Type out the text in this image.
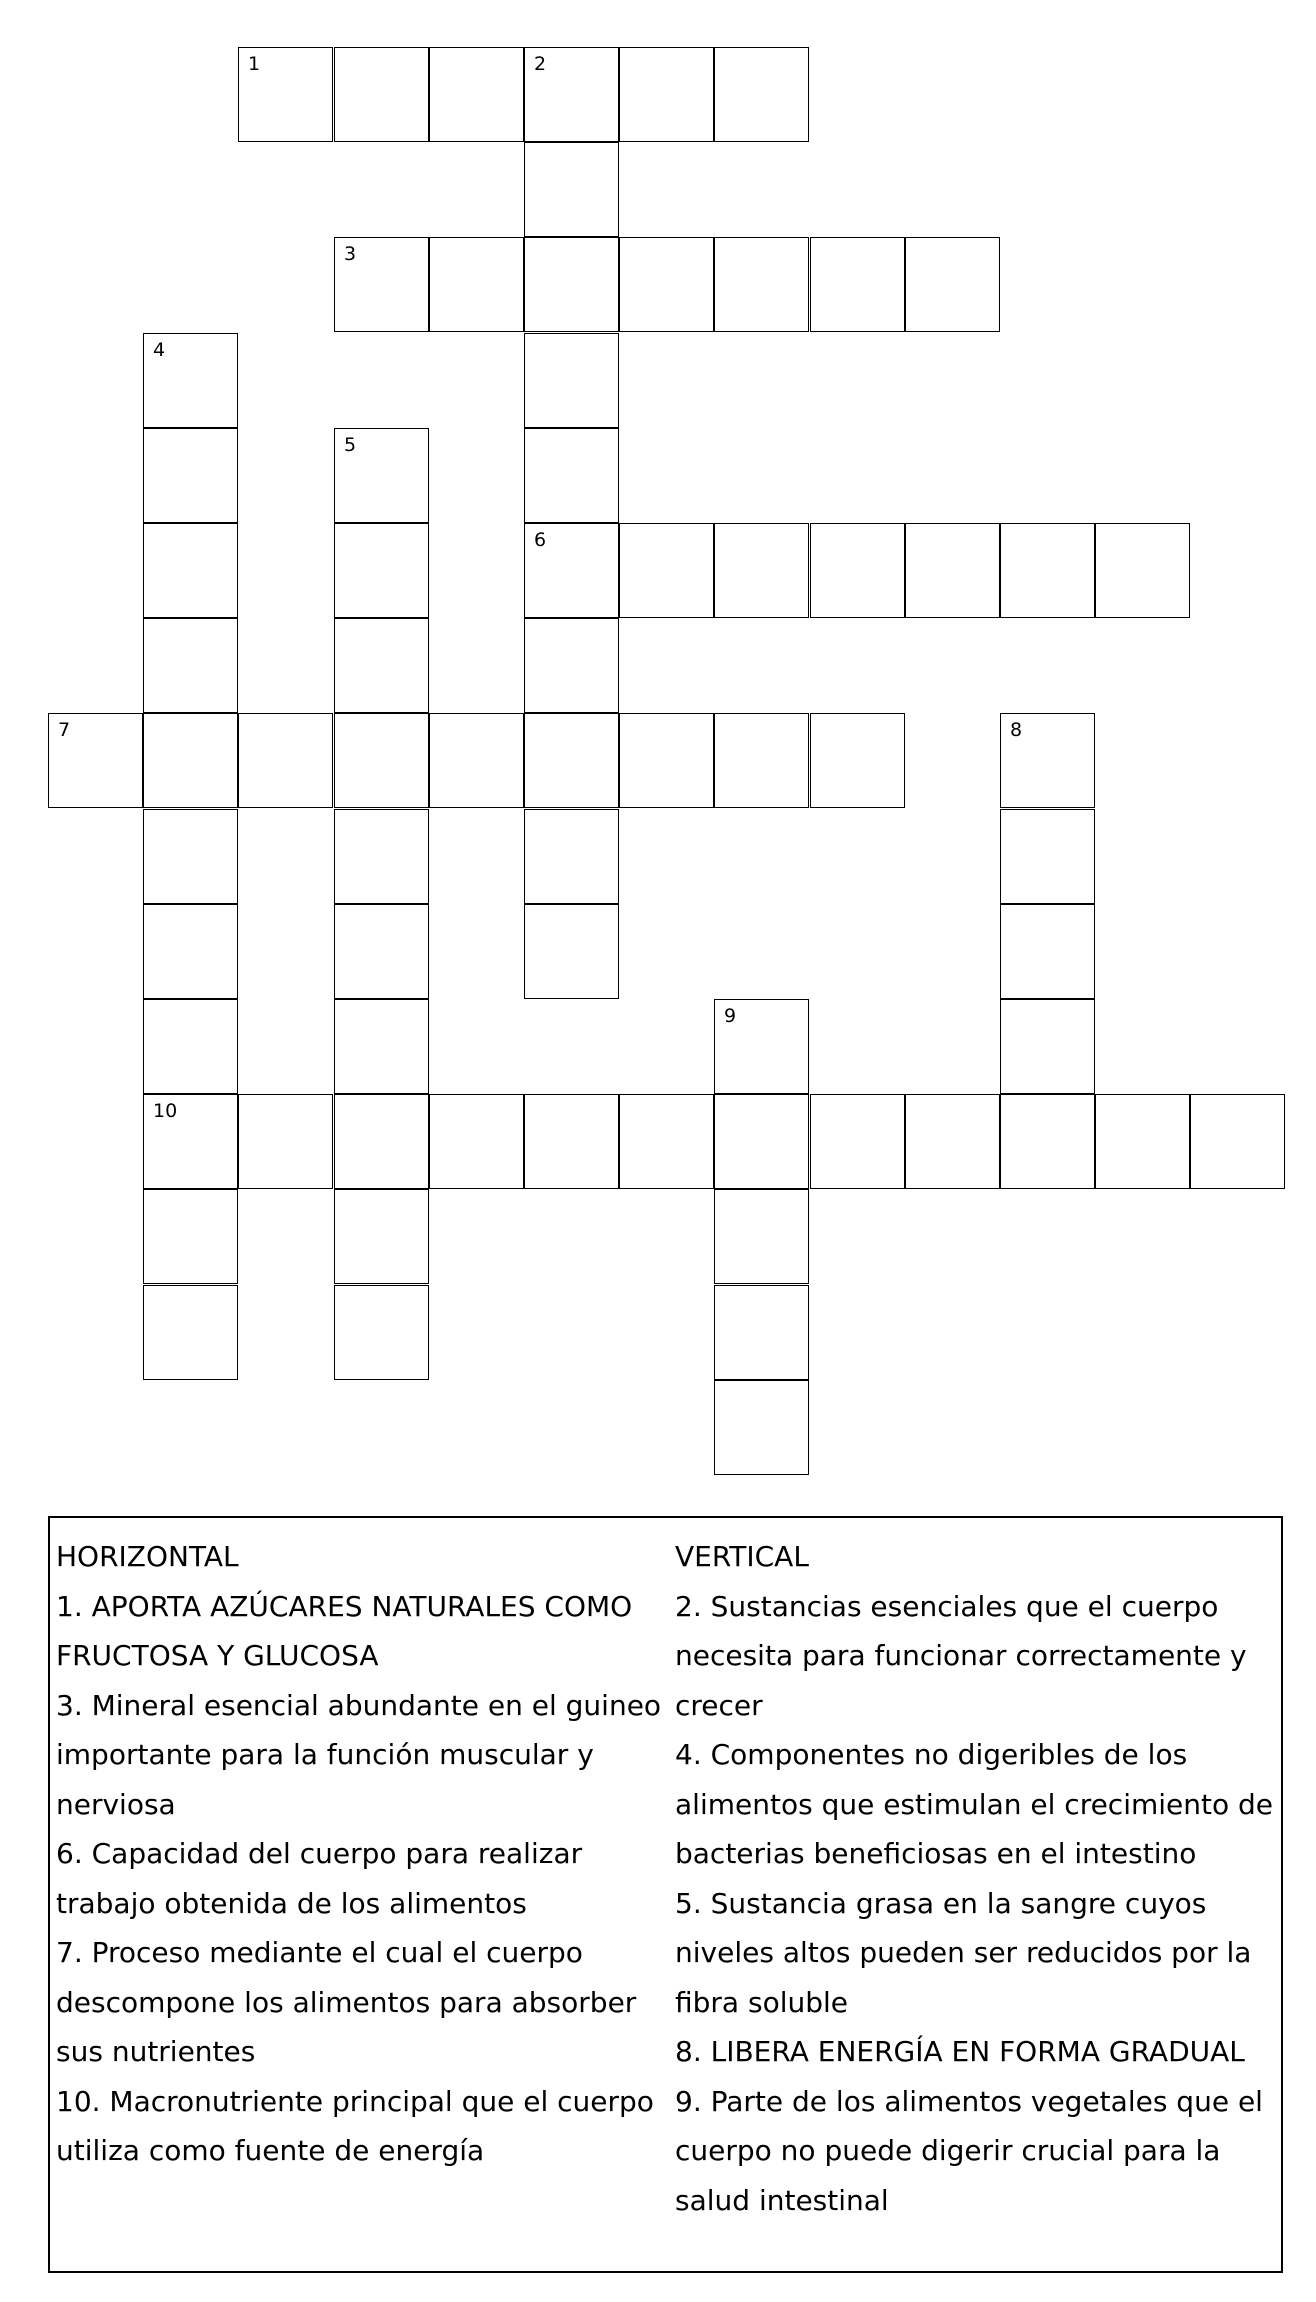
1	2
6
3
4
10
5
7	8
9
HORIZONTAL
1. APORTA AZÚCARES NATURALES COMO FRUCTOSA Y GLUCOSA
3. Mineral esencial abundante en el guineo importante para la función muscular y nerviosa
6. Capacidad del cuerpo para realizar trabajo obtenida de los alimentos
7. Proceso mediante el cual el cuerpo descompone los alimentos para absorber sus nutrientes
10. Macronutriente principal que el cuerpo utiliza como fuente de energía
VERTICAL
2. Sustancias esenciales que el cuerpo necesita para funcionar correctamente y crecer
4. Componentes no digeribles de los alimentos que estimulan el crecimiento de bacterias beneficiosas en el intestino
5. Sustancia grasa en la sangre cuyos niveles altos pueden ser reducidos por la fibra soluble
8. LIBERA ENERGÍA EN FORMA GRADUAL
9. Parte de los alimentos vegetales que el cuerpo no puede digerir crucial para la salud intestinal
